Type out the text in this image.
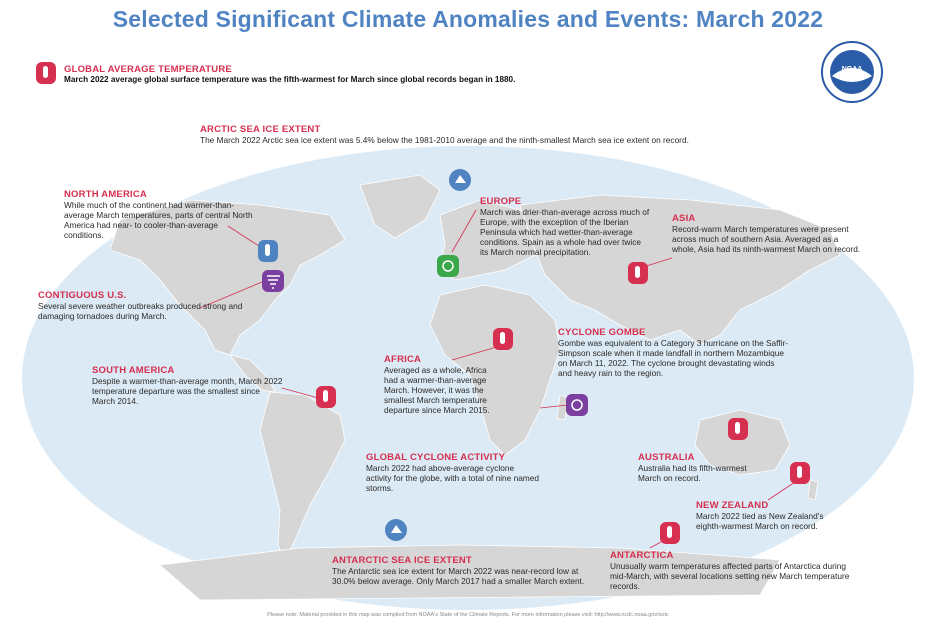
Selected Significant Climate Anomalies and Events: March 2022
NOAA
GLOBAL AVERAGE TEMPERATURE
March 2022 average global surface temperature was the fifth-warmest for March since global records began in 1880.
ARCTIC SEA ICE EXTENT
The March 2022 Arctic sea ice extent was 5.4% below the 1981-2010 average and the ninth-smallest March sea ice extent on record.
NORTH AMERICA
While much of the continent had warmer-than-average March temperatures, parts of central North America had near- to cooler-than-average conditions.
CONTIGUOUS U.S.
Several severe weather outbreaks produced strong and damaging tornadoes during March.
EUROPE
March was drier-than-average across much of Europe, with the exception of the Iberian Peninsula which had wetter-than-average conditions. Spain as a whole had over twice its March normal precipitation.
ASIA
Record-warm March temperatures were present across much of southern Asia. Averaged as a whole, Asia had its ninth-warmest March on record.
SOUTH AMERICA
Despite a warmer-than-average month, March 2022 temperature departure was the smallest since March 2014.
AFRICA
Averaged as a whole, Africa had a warmer-than-average March. However, it was the smallest March temperature departure since March 2015.
CYCLONE GOMBE
Gombe was equivalent to a Category 3 hurricane on the Saffir-Simpson scale when it made landfall in northern Mozambique on March 11, 2022. The cyclone brought devastating winds and heavy rain to the region.
GLOBAL CYCLONE ACTIVITY
March 2022 had above-average cyclone activity for the globe, with a total of nine named storms.
AUSTRALIA
Australia had its fifth-warmest March on record.
NEW ZEALAND
March 2022 tied as New Zealand's eighth-warmest March on record.
ANTARCTIC SEA ICE EXTENT
The Antarctic sea ice extent for March 2022 was near-record low at 30.0% below average. Only March 2017 had a smaller March extent.
ANTARCTICA
Unusually warm temperatures affected parts of Antarctica during mid-March, with several locations setting new March temperature records.
Please note: Material provided in this map was compiled from NOAA's State of the Climate Reports. For more information please visit: http://www.ncdc.noaa.gov/sotc
